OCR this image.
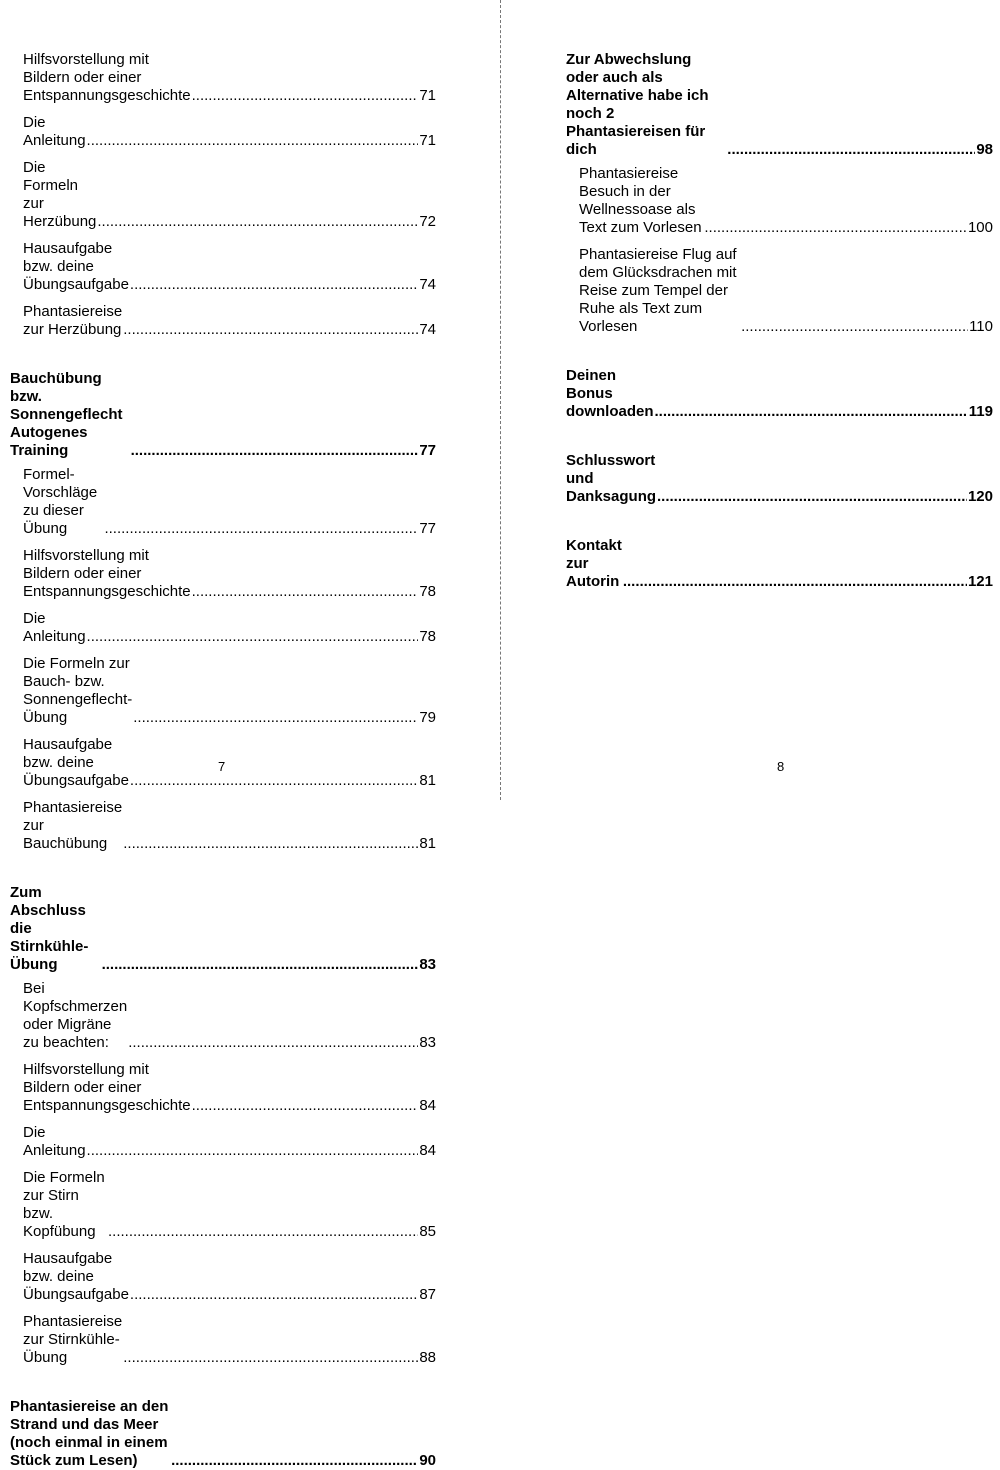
Hilfsvorstellung mit Bildern oder einer Entspannungsgeschichte .....	71
Die Anleitung .....	71
Die Formeln zur Herzübung .....	72
Hausaufgabe bzw. deine Übungsaufgabe .....	74
Phantasiereise zur Herzübung .....	74
Bauchübung bzw. Sonnengeflecht Autogenes Training .....	77
Formel-Vorschläge zu dieser Übung .....	77
Hilfsvorstellung mit Bildern oder einer Entspannungsgeschichte .....	78
Die Anleitung .....	78
Die Formeln zur Bauch- bzw. Sonnengeflecht-Übung .....	79
Hausaufgabe bzw. deine Übungsaufgabe .....	81
Phantasiereise zur Bauchübung .....	81
Zum Abschluss die Stirnkühle-Übung .....	83
Bei Kopfschmerzen oder Migräne zu beachten: .....	83
Hilfsvorstellung mit Bildern oder einer Entspannungsgeschichte .....	84
Die Anleitung .....	84
Die Formeln zur Stirn bzw. Kopfübung .....	85
Hausaufgabe bzw. deine Übungsaufgabe .....	87
Phantasiereise zur Stirnkühle-Übung .....	88
Phantasiereise an den Strand und das Meer (noch einmal in einem Stück zum Lesen) .....	90
7
Zur Abwechslung oder auch als Alternative habe ich noch 2 Phantasiereisen für dich .....	98
Phantasiereise Besuch in der Wellnessoase als Text zum Vorlesen .....	100
Phantasiereise Flug auf dem Glücksdrachen mit Reise zum Tempel der Ruhe als Text zum Vorlesen .....	110
Deinen Bonus downloaden .....	119
Schlusswort und Danksagung .....	120
Kontakt zur Autorin .....	121
8
